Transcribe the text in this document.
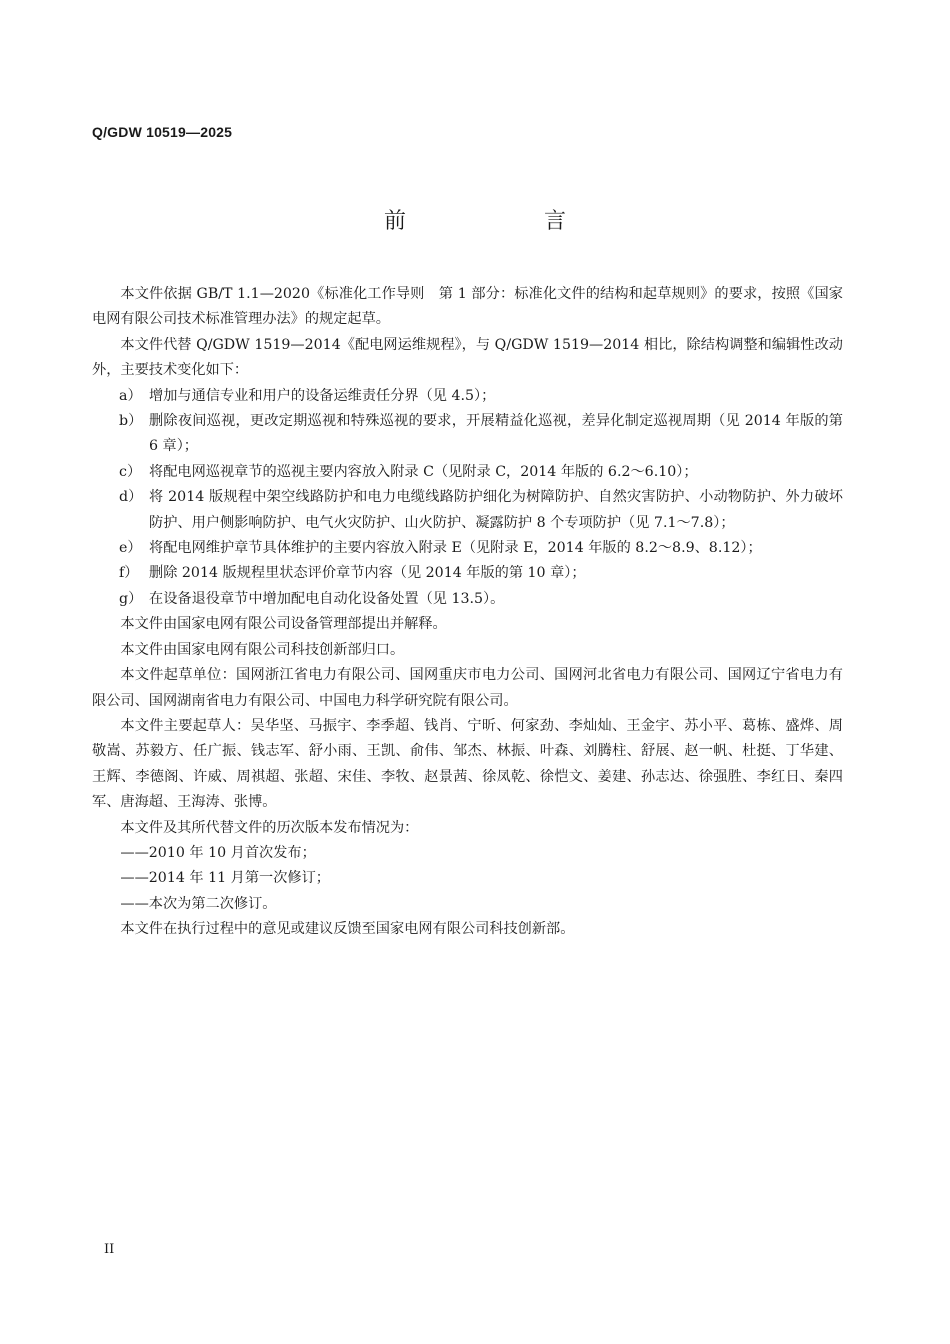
Q/GDW 10519—2025
前　言

本文件依据 GB/T 1.1—2020《标准化工作导则　第 1 部分：标准化文件的结构和起草规则》的要求，按照《国家电网有限公司技术标准管理办法》的规定起草。

本文件代替 Q/GDW 1519—2014《配电网运维规程》，与 Q/GDW 1519—2014 相比，除结构调整和编辑性改动外，主要技术变化如下：

a） 增加与通信专业和用户的设备运维责任分界（见 4.5）；
b） 删除夜间巡视，更改定期巡视和特殊巡视的要求，开展精益化巡视，差异化制定巡视周期（见 2014 年版的第 6 章）；
c） 将配电网巡视章节的巡视主要内容放入附录 C（见附录 C，2014 年版的 6.2～6.10）；
d） 将 2014 版规程中架空线路防护和电力电缆线路防护细化为树障防护、自然灾害防护、小动物防护、外力破坏防护、用户侧影响防护、电气火灾防护、山火防护、凝露防护 8 个专项防护（见 7.1～7.8）；
e） 将配电网维护章节具体维护的主要内容放入附录 E（见附录 E，2014 年版的 8.2～8.9、8.12）；
f） 删除 2014 版规程里状态评价章节内容（见 2014 年版的第 10 章）；
g） 在设备退役章节中增加配电自动化设备处置（见 13.5）。

本文件由国家电网有限公司设备管理部提出并解释。

本文件由国家电网有限公司科技创新部归口。

本文件起草单位：国网浙江省电力有限公司、国网重庆市电力公司、国网河北省电力有限公司、国网辽宁省电力有限公司、国网湖南省电力有限公司、中国电力科学研究院有限公司。

本文件主要起草人：吴华坚、马振宇、李季超、钱肖、宁昕、何家劲、李灿灿、王金宇、苏小平、葛栋、盛烨、周敬嵩、苏毅方、任广振、钱志军、舒小雨、王凯、俞伟、邹杰、林振、叶森、刘腾柱、舒展、赵一帆、杜挺、丁华建、王辉、李德阁、许威、周祺超、张超、宋佳、李牧、赵景茜、徐凤乾、徐恺文、姜建、孙志达、徐强胜、李红日、秦四军、唐海超、王海涛、张博。

本文件及其所代替文件的历次版本发布情况为：

——2010 年 10 月首次发布；

——2014 年 11 月第一次修订；

——本次为第二次修订。

本文件在执行过程中的意见或建议反馈至国家电网有限公司科技创新部。

II
